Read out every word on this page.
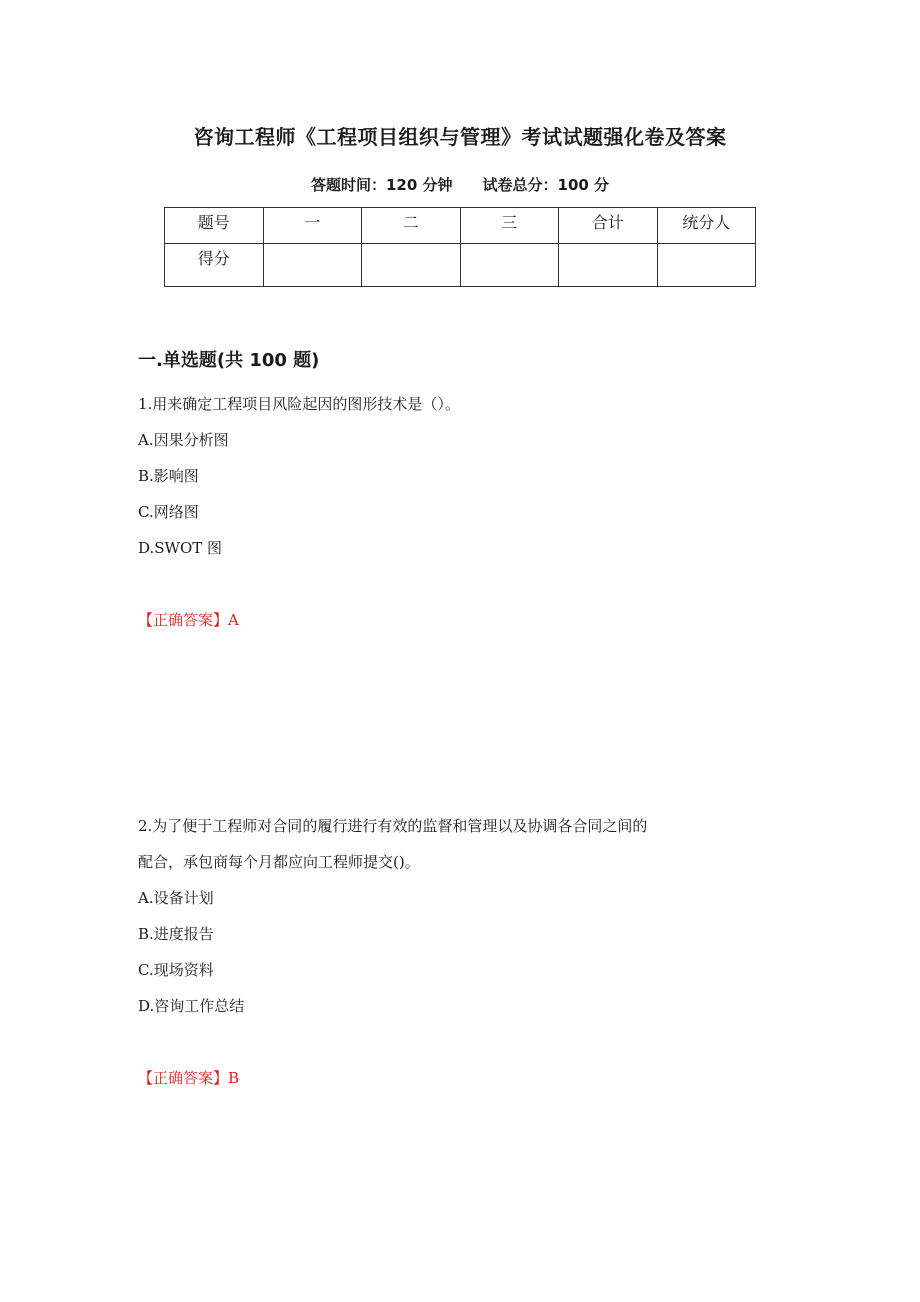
咨询工程师《工程项目组织与管理》考试试题强化卷及答案
答题时间：120 分钟 试卷总分：100 分
题号	一	二	三	合计	统分人
得分					
一.单选题(共 100 题)
1.用来确定工程项目风险起因的图形技术是（）。
A.因果分析图
B.影响图
C.网络图
D.SWOT 图
【正确答案】A
2.为了便于工程师对合同的履行进行有效的监督和管理以及协调各合同之间的
配合，承包商每个月都应向工程师提交()。
A.设备计划
B.进度报告
C.现场资料
D.咨询工作总结
【正确答案】B
